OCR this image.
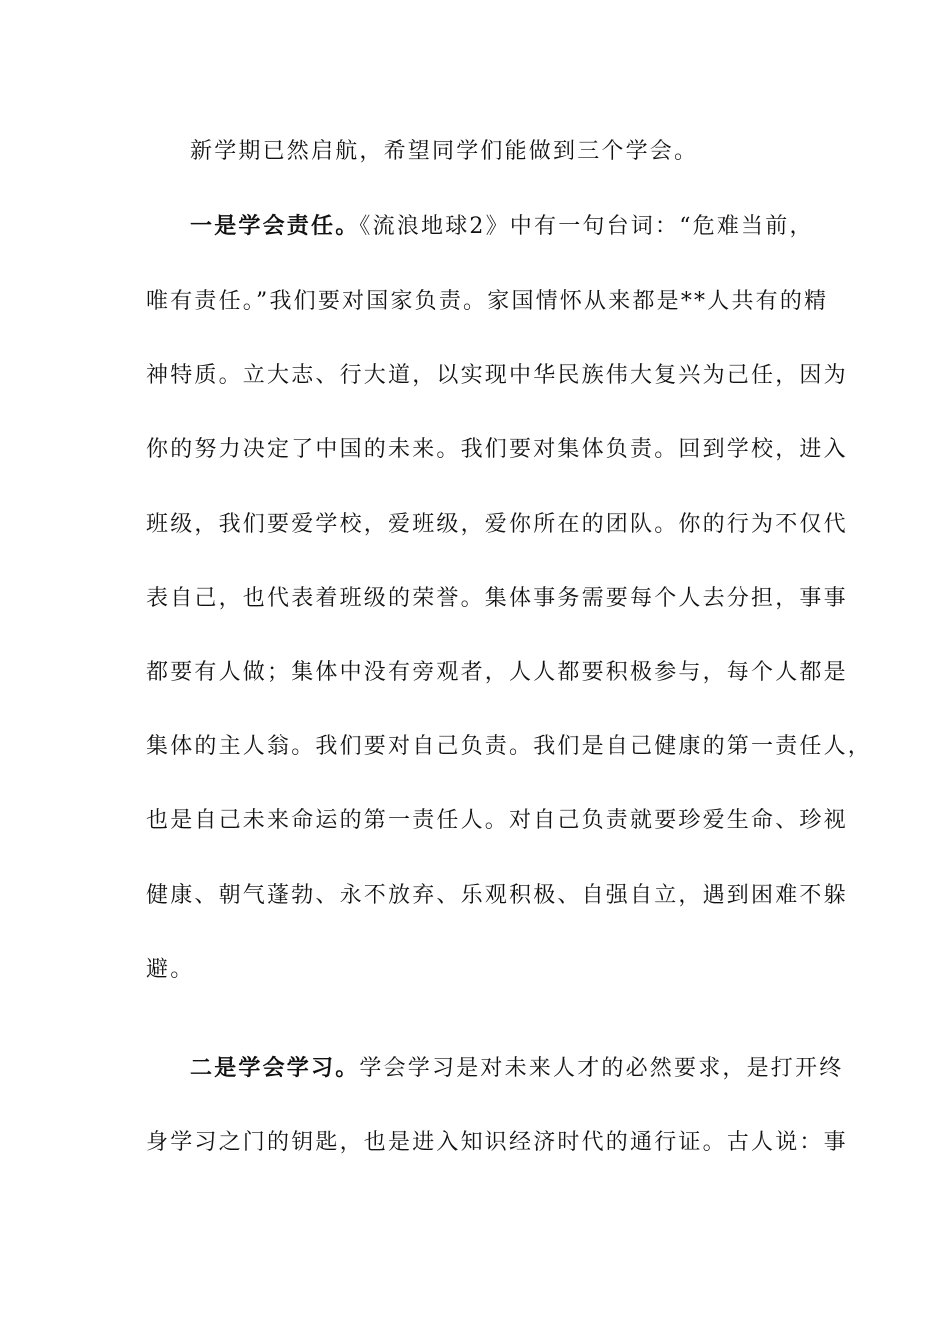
新学期已然启航，希望同学们能做到三个学会。
一是学会责任。《流浪地球2》中有一句台词：“危难当前，
唯有责任。”我们要对国家负责。家国情怀从来都是**人共有的精
神特质。立大志、行大道，以实现中华民族伟大复兴为己任，因为
你的努力决定了中国的未来。我们要对集体负责。回到学校，进入
班级，我们要爱学校，爱班级，爱你所在的团队。你的行为不仅代
表自己，也代表着班级的荣誉。集体事务需要每个人去分担，事事
都要有人做；集体中没有旁观者，人人都要积极参与，每个人都是
集体的主人翁。我们要对自己负责。我们是自己健康的第一责任人，
也是自己未来命运的第一责任人。对自己负责就要珍爱生命、珍视
健康、朝气蓬勃、永不放弃、乐观积极、自强自立，遇到困难不躲
避。
二是学会学习。学会学习是对未来人才的必然要求，是打开终
身学习之门的钥匙，也是进入知识经济时代的通行证。古人说：事
